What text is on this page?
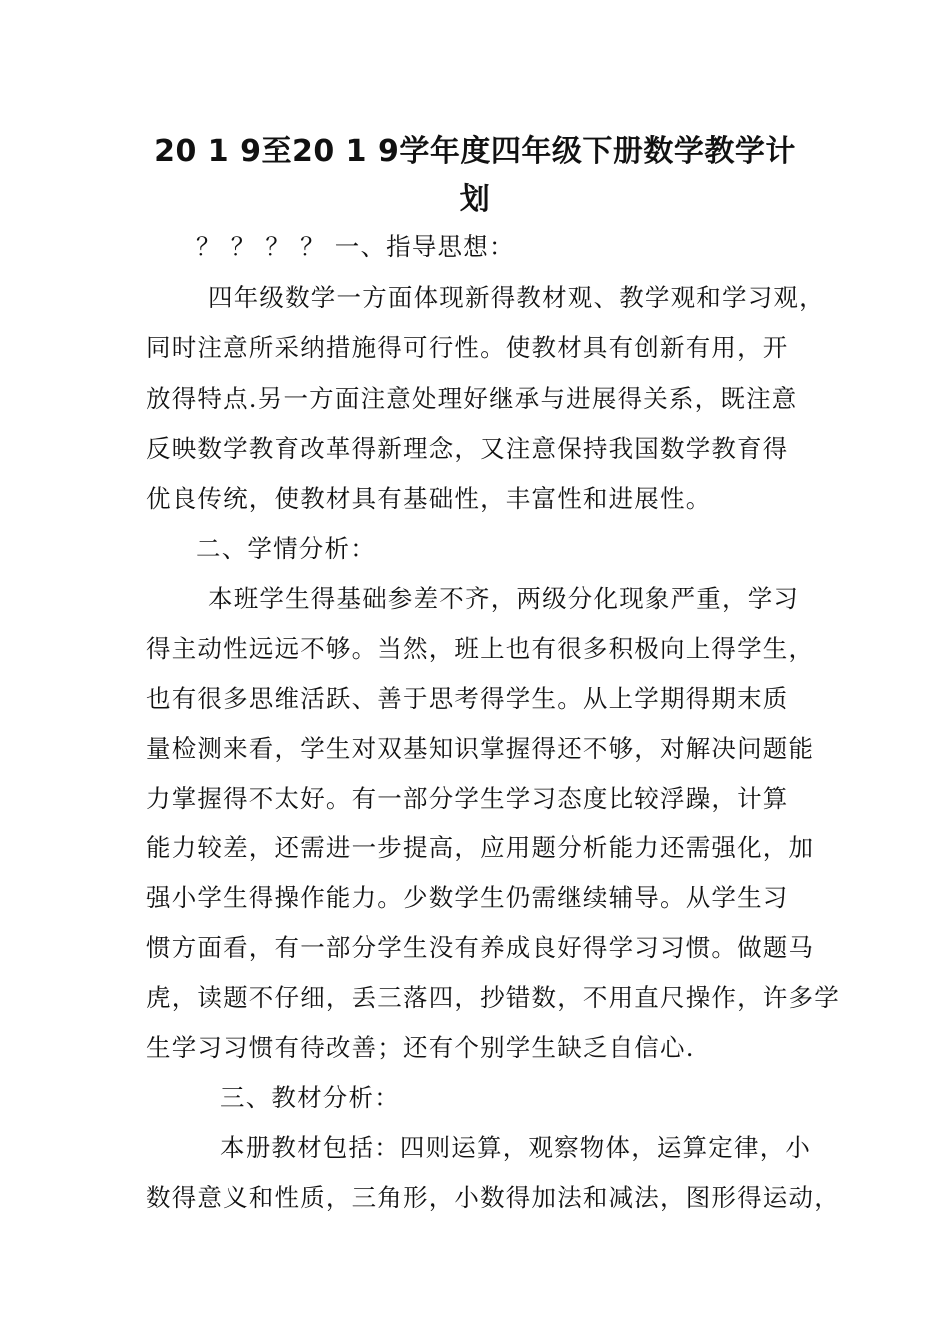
20 1 9至20 1 9学年度四年级下册数学教学计
划
？ ？ ？ ？ 一、指导思想：
四年级数学一方面体现新得教材观、教学观和学习观，
同时注意所采纳措施得可行性。使教材具有创新有用，开
放得特点.另一方面注意处理好继承与进展得关系，既注意
反映数学教育改革得新理念，又注意保持我国数学教育得
优良传统，使教材具有基础性，丰富性和进展性。
二、学情分析：
本班学生得基础参差不齐，两级分化现象严重，学习
得主动性远远不够。当然，班上也有很多积极向上得学生，
也有很多思维活跃、善于思考得学生。从上学期得期末质
量检测来看，学生对双基知识掌握得还不够，对解决问题能
力掌握得不太好。有一部分学生学习态度比较浮躁，计算
能力较差，还需进一步提高，应用题分析能力还需强化，加
强小学生得操作能力。少数学生仍需继续辅导。从学生习
惯方面看，有一部分学生没有养成良好得学习习惯。做题马
虎，读题不仔细，丢三落四，抄错数，不用直尺操作，许多学
生学习习惯有待改善；还有个别学生缺乏自信心.
三、教材分析：
本册教材包括：四则运算，观察物体，运算定律，小
数得意义和性质，三角形，小数得加法和减法，图形得运动，
